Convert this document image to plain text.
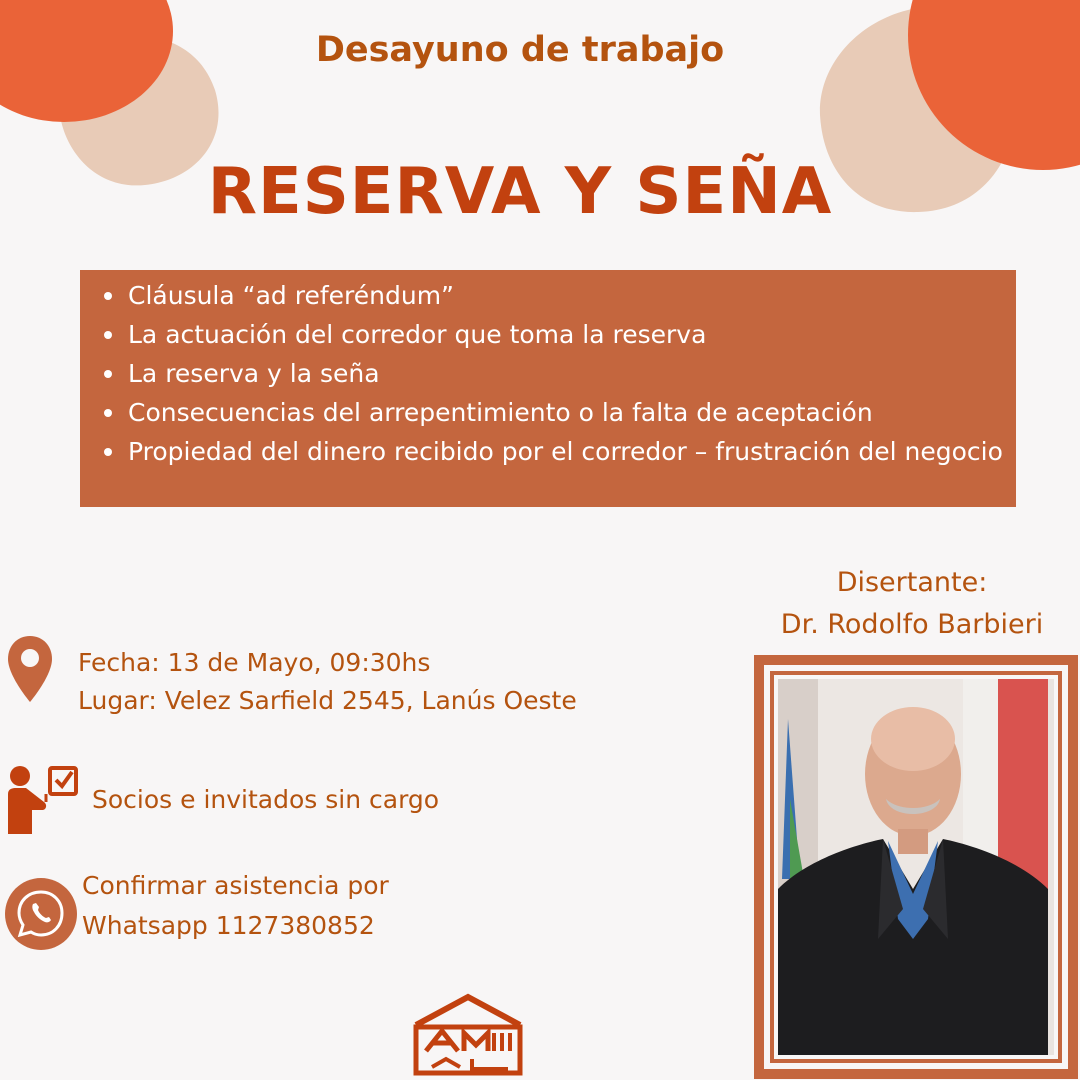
Desayuno de trabajo
RESERVA Y SEÑA
Cláusula “ad referéndum”
La actuación del corredor que toma la reserva
La reserva y la seña
Consecuencias del arrepentimiento o la falta de aceptación
Propiedad del dinero recibido por el corredor – frustración del negocio
Fecha: 13 de Mayo, 09:30hs
Lugar: Velez Sarfield 2545, Lanús Oeste
Socios e invitados sin cargo
Confirmar asistencia por
Whatsapp 1127380852
Disertante:
Dr. Rodolfo Barbieri
